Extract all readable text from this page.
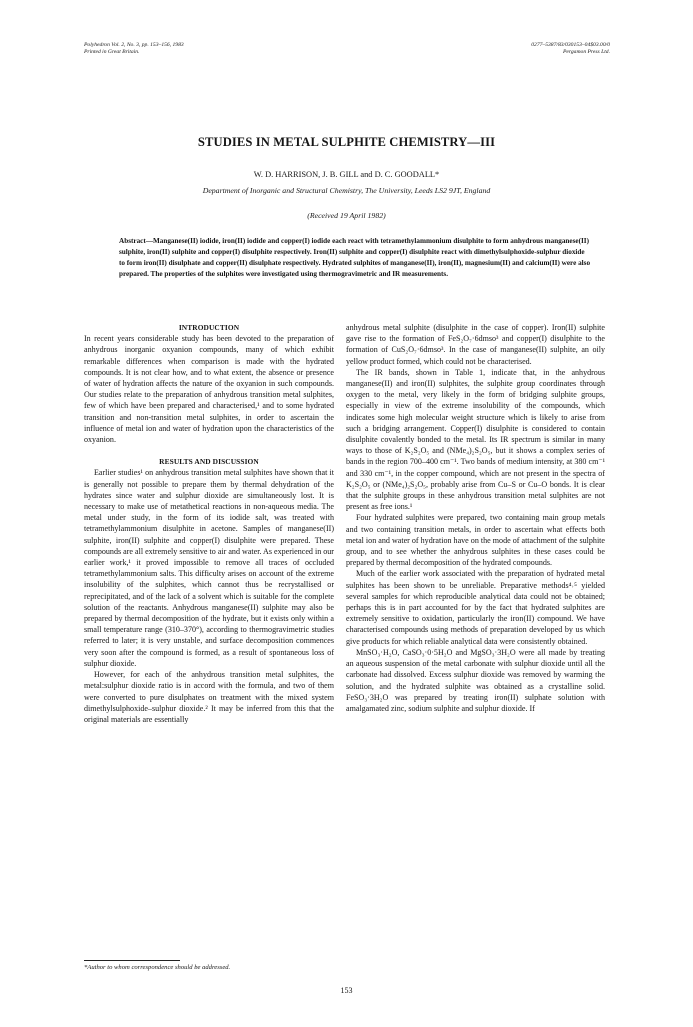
Polyhedron Vol. 2, No. 3, pp. 153–156, 1983
Printed in Great Britain.
0277–5387/83/030153–04$03.00/0
Pergamon Press Ltd.
STUDIES IN METAL SULPHITE CHEMISTRY—III
W. D. HARRISON, J. B. GILL and D. C. GOODALL*
Department of Inorganic and Structural Chemistry, The University, Leeds LS2 9JT, England
(Received 19 April 1982)
Abstract—Manganese(II) iodide, iron(II) iodide and copper(I) iodide each react with tetramethylammonium disulphite to form anhydrous manganese(II) sulphite, iron(II) sulphite and copper(I) disulphite respectively. Iron(II) sulphite and copper(I) disulphite react with dimethylsulphoxide-sulphur dioxide to form iron(II) disulphate and copper(II) disulphate respectively. Hydrated sulphites of manganese(II), iron(II), magnesium(II) and calcium(II) were also prepared. The properties of the sulphites were investigated using thermogravimetric and IR measurements.
INTRODUCTION

In recent years considerable study has been devoted to the preparation of anhydrous inorganic oxyanion compounds, many of which exhibit remarkable differences when comparison is made with the hydrated compounds. It is not clear how, and to what extent, the absence or presence of water of hydration affects the nature of the oxyanion in such compounds. Our studies relate to the preparation of anhydrous transition metal sulphites, few of which have been prepared and characterised,¹ and to some hydrated transition and non-transition metal sulphites, in order to ascertain the influence of metal ion and water of hydration upon the characteristics of the oxyanion.

RESULTS AND DISCUSSION

Earlier studies¹ on anhydrous transition metal sulphites have shown that it is generally not possible to prepare them by thermal dehydration of the hydrates since water and sulphur dioxide are simultaneously lost. It is necessary to make use of metathetical reactions in non-aqueous media. The metal under study, in the form of its iodide salt, was treated with tetramethylammonium disulphite in acetone. Samples of manganese(II) sulphite, iron(II) sulphite and copper(I) disulphite were prepared. These compounds are all extremely sensitive to air and water. As experienced in our earlier work,¹ it proved impossible to remove all traces of occluded tetramethylammonium salts. This difficulty arises on account of the extreme insolubility of the sulphites, which cannot thus be recrystallised or reprecipitated, and of the lack of a solvent which is suitable for the complete solution of the reactants. Anhydrous manganese(II) sulphite may also be prepared by thermal decomposition of the hydrate, but it exists only within a small temperature range (310–370°), according to thermogravimetric studies referred to later; it is very unstable, and surface decomposition commences very soon after the compound is formed, as a result of spontaneous loss of sulphur dioxide.

However, for each of the anhydrous transition metal sulphites, the metal:sulphur dioxide ratio is in accord with the formula, and two of them were converted to pure disulphates on treatment with the mixed system dimethylsulphoxide–sulphur dioxide.² It may be inferred from this that the original materials are essentially

anhydrous metal sulphite (disulphite in the case of copper). Iron(II) sulphite gave rise to the formation of FeS₂O₇·6dmso³ and copper(I) disulphite to the formation of CuS₂O₇·6dmso³. In the case of manganese(II) sulphite, an oily yellow product formed, which could not be characterised.

The IR bands, shown in Table 1, indicate that, in the anhydrous manganese(II) and iron(II) sulphites, the sulphite group coordinates through oxygen to the metal, very likely in the form of bridging sulphite groups, especially in view of the extreme insolubility of the compounds, which indicates some high molecular weight structure which is likely to arise from such a bridging arrangement. Copper(I) disulphite is considered to contain disulphite covalently bonded to the metal. Its IR spectrum is similar in many ways to those of K₂S₂O₅ and (NMe₄)₂S₂O₅, but it shows a complex series of bands in the region 700–400 cm⁻¹. Two bands of medium intensity, at 380 cm⁻¹ and 330 cm⁻¹, in the copper compound, which are not present in the spectra of K₂S₂O₅ or (NMe₄)₂S₂O₅, probably arise from Cu–S or Cu–O bonds. It is clear that the sulphite groups in these anhydrous transition metal sulphites are not present as free ions.¹

Four hydrated sulphites were prepared, two containing main group metals and two containing transition metals, in order to ascertain what effects both metal ion and water of hydration have on the mode of attachment of the sulphite group, and to see whether the anhydrous sulphites in these cases could be prepared by thermal decomposition of the hydrated compounds.

Much of the earlier work associated with the preparation of hydrated metal sulphites has been shown to be unreliable. Preparative methods⁴˒⁵ yielded several samples for which reproducible analytical data could not be obtained; perhaps this is in part accounted for by the fact that hydrated sulphites are extremely sensitive to oxidation, particularly the iron(II) compound. We have characterised compounds using methods of preparation developed by us which give products for which reliable analytical data were consistently obtained.

MnSO₃·H₂O, CaSO₃·0·5H₂O and MgSO₃·3H₂O were all made by treating an aqueous suspension of the metal carbonate with sulphur dioxide until all the carbonate had dissolved. Excess sulphur dioxide was removed by warming the solution, and the hydrated sulphite was obtained as a crystalline solid. FeSO₃·3H₂O was prepared by treating iron(II) sulphate solution with amalgamated zinc, sodium sulphite and sulphur dioxide. If

*Author to whom correspondence should be addressed.
153
